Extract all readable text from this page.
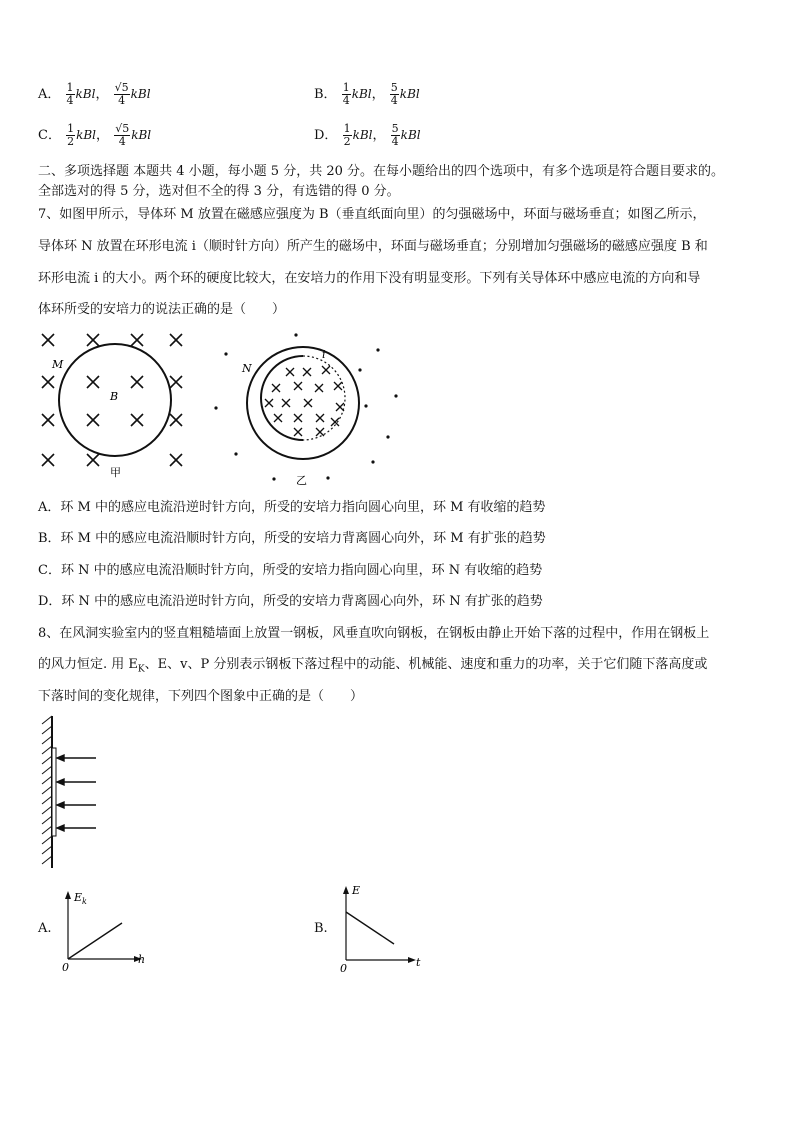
A． $\frac{1}{4}$ kBl， $\frac{√5}{4}$ kBl	B． $\frac{1}{4}$ kBl， $\frac{5}{4}$ kBl
C． $\frac{1}{2}$ kBl， $\frac{√5}{4}$ kBl	D． $\frac{1}{2}$ kBl， $\frac{5}{4}$ kBl
二、多项选择题 本题共 4 小题，每小题 5 分，共 20 分。在每小题给出的四个选项中，有多个选项是符合题目要求的。
全部选对的得 5 分，选对但不全的得 3 分，有选错的得 0 分。
7、如图甲所示，导体环 M 放置在磁感应强度为 B（垂直纸面向里）的匀强磁场中，环面与磁场垂直；如图乙所示，
导体环 N 放置在环形电流 i（顺时针方向）所产生的磁场中，环面与磁场垂直；分别增加匀强磁场的磁感应强度 B 和
环形电流 i 的大小。两个环的硬度比较大，在安培力的作用下没有明显变形。下列有关导体环中感应电流的方向和导
体环所受的安培力的说法正确的是（　　）
M
B
甲
N
i
乙
A．环 M 中的感应电流沿逆时针方向，所受的安培力指向圆心向里，环 M 有收缩的趋势
B．环 M 中的感应电流沿顺时针方向，所受的安培力背离圆心向外，环 M 有扩张的趋势
C．环 N 中的感应电流沿顺时针方向，所受的安培力指向圆心向里，环 N 有收缩的趋势
D．环 N 中的感应电流沿逆时针方向，所受的安培力背离圆心向外，环 N 有扩张的趋势
8、在风洞实验室内的竖直粗糙墙面上放置一钢板，风垂直吹向钢板，在钢板由静止开始下落的过程中，作用在钢板上
的风力恒定. 用 $E_K$、E、v、P 分别表示钢板下落过程中的动能、机械能、速度和重力的功率，关于它们随下落高度或
下落时间的变化规律，下列四个图象中正确的是（　　）
A.
$E_k$
h
0
B.
E
t
0
